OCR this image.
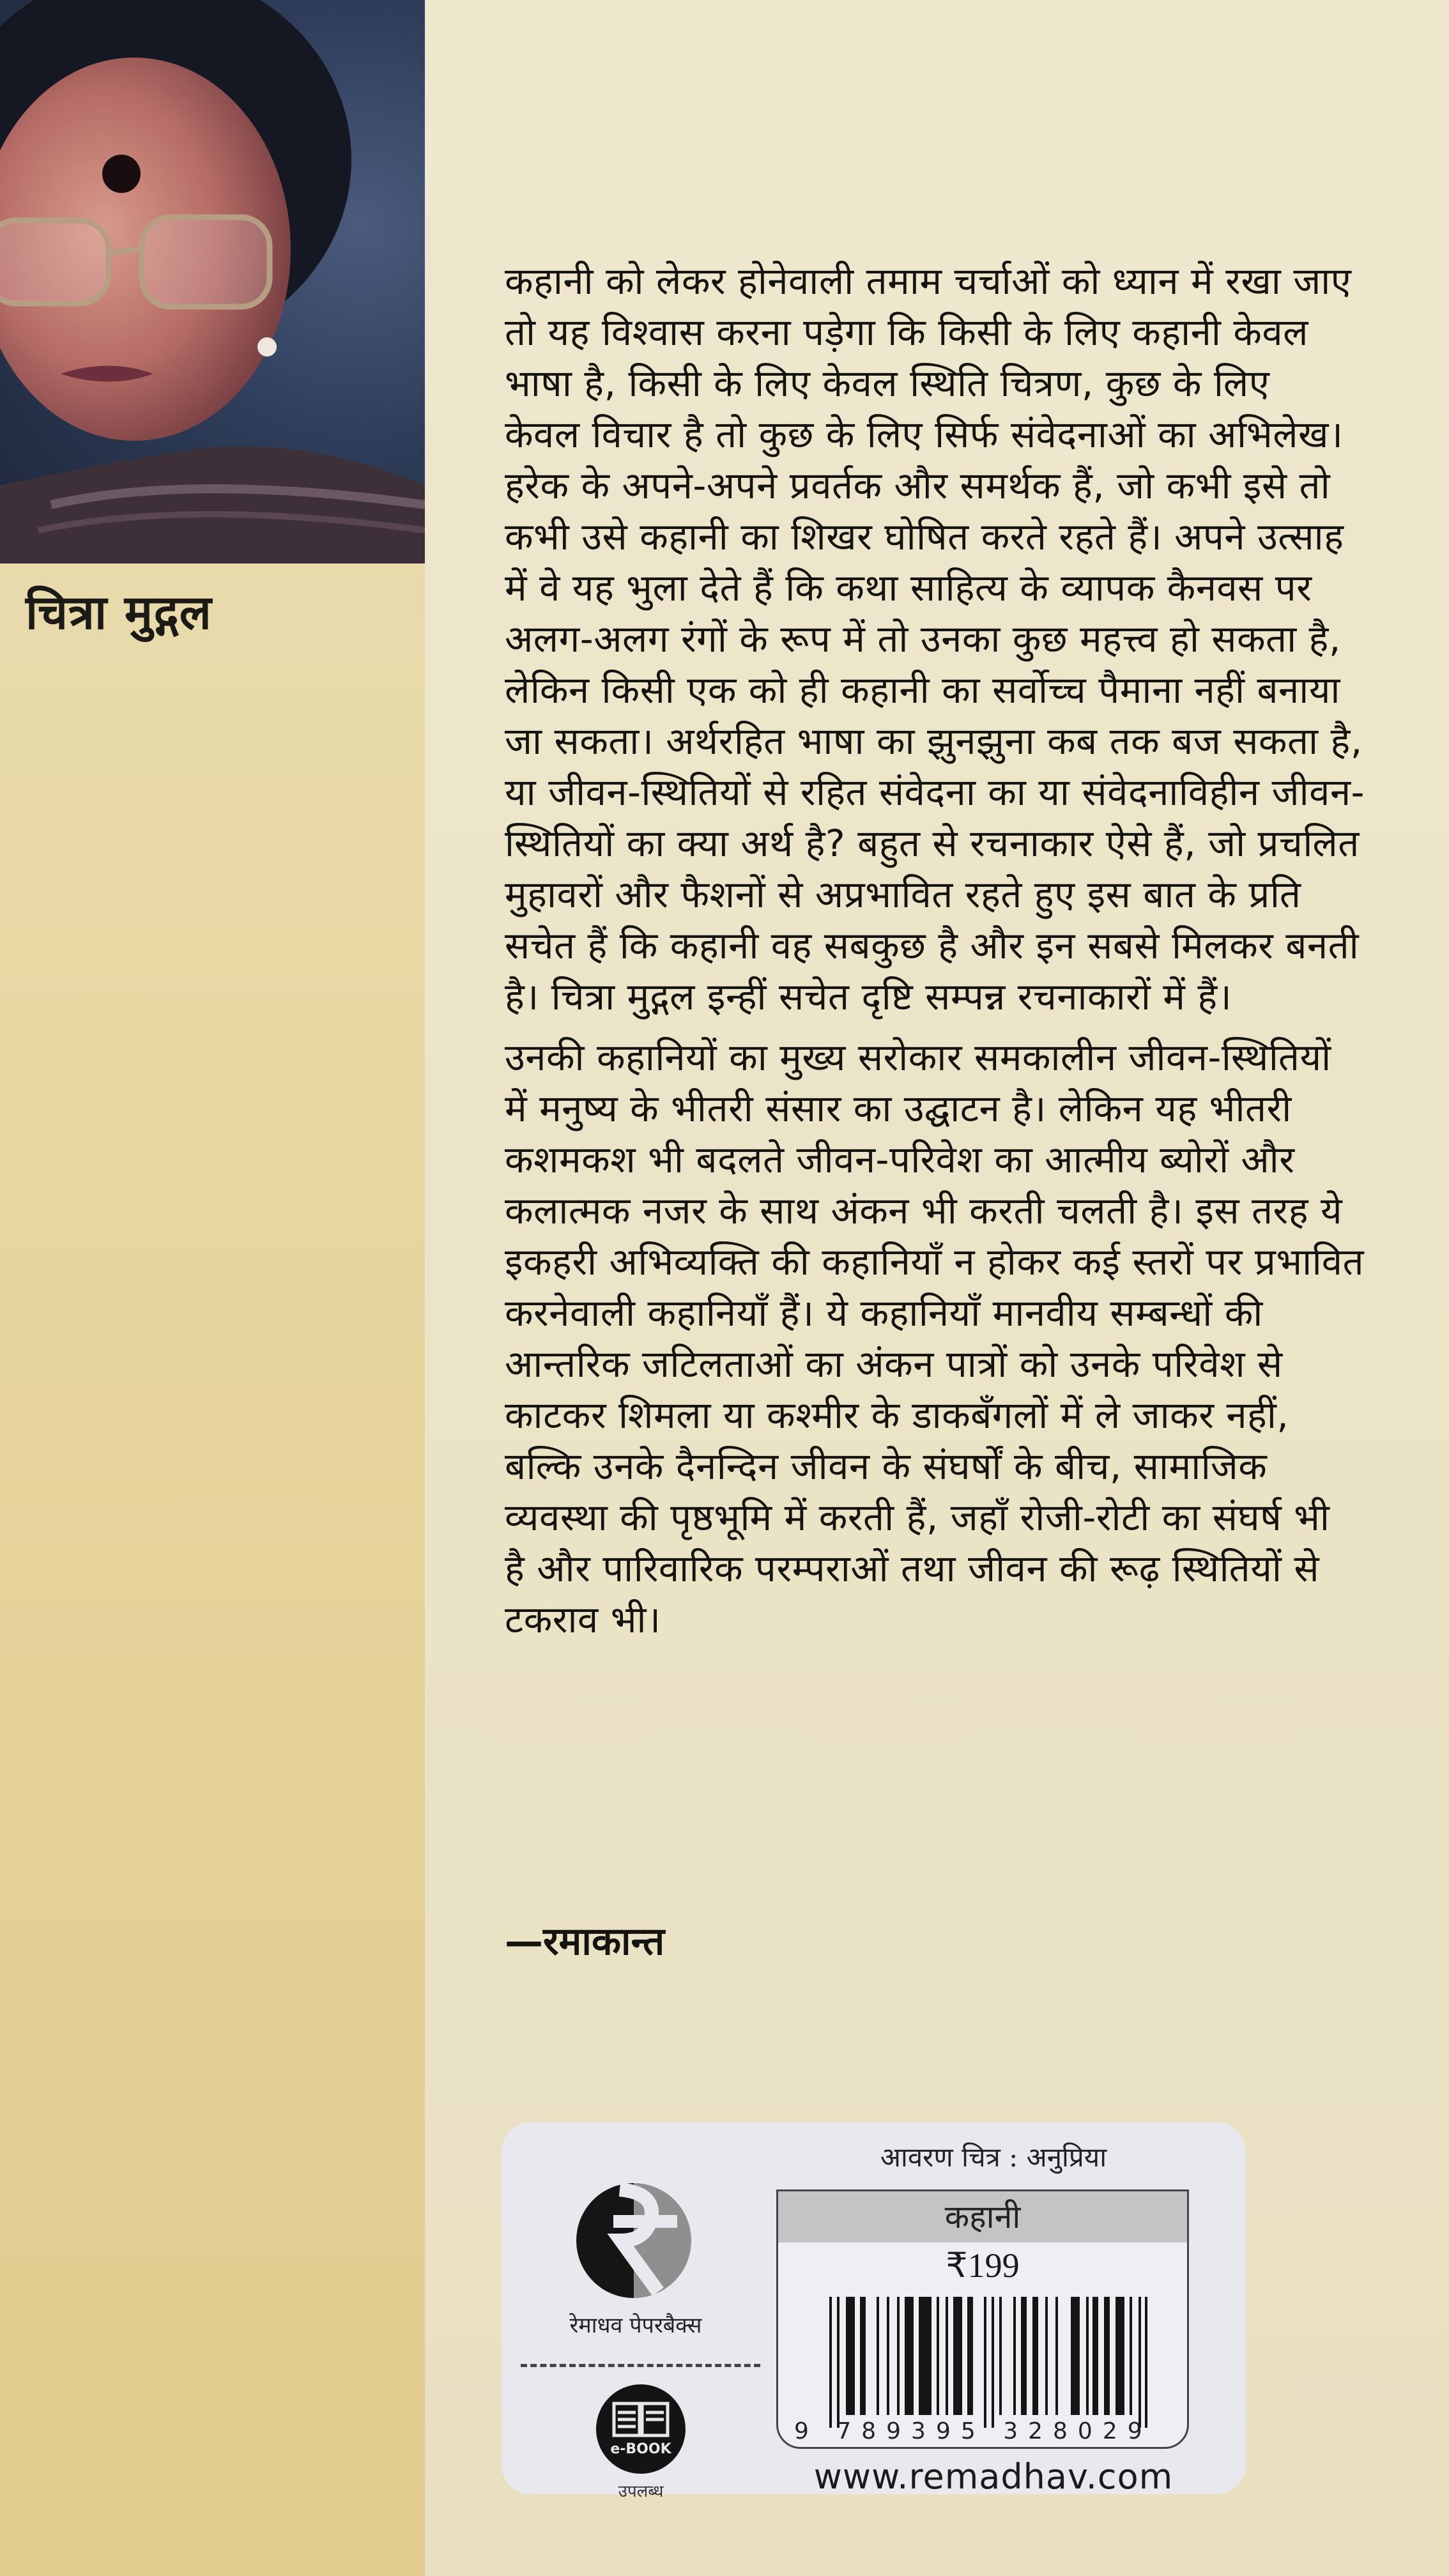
चित्रा मुद्गल
कहानी को लेकर होनेवाली तमाम चर्चाओं को ध्यान में रखा जाए
तो यह विश्वास करना पड़ेगा कि किसी के लिए कहानी केवल
भाषा है, किसी के लिए केवल स्थिति चित्रण, कुछ के लिए
केवल विचार है तो कुछ के लिए सिर्फ संवेदनाओं का अभिलेख।
हरेक के अपने-अपने प्रवर्तक और समर्थक हैं, जो कभी इसे तो
कभी उसे कहानी का शिखर घोषित करते रहते हैं। अपने उत्साह
में वे यह भुला देते हैं कि कथा साहित्य के व्यापक कैनवस पर
अलग-अलग रंगों के रूप में तो उनका कुछ महत्त्व हो सकता है,
लेकिन किसी एक को ही कहानी का सर्वोच्च पैमाना नहीं बनाया
जा सकता। अर्थरहित भाषा का झुनझुना कब तक बज सकता है,
या जीवन-स्थितियों से रहित संवेदना का या संवेदनाविहीन जीवन-
स्थितियों का क्या अर्थ है? बहुत से रचनाकार ऐसे हैं, जो प्रचलित
मुहावरों और फैशनों से अप्रभावित रहते हुए इस बात के प्रति
सचेत हैं कि कहानी वह सबकुछ है और इन सबसे मिलकर बनती
है। चित्रा मुद्गल इन्हीं सचेत दृष्टि सम्पन्न रचनाकारों में हैं।
उनकी कहानियों का मुख्य सरोकार समकालीन जीवन-स्थितियों
में मनुष्य के भीतरी संसार का उद्घाटन है। लेकिन यह भीतरी
कशमकश भी बदलते जीवन-परिवेश का आत्मीय ब्योरों और
कलात्मक नजर के साथ अंकन भी करती चलती है। इस तरह ये
इकहरी अभिव्यक्ति की कहानियाँ न होकर कई स्तरों पर प्रभावित
करनेवाली कहानियाँ हैं। ये कहानियाँ मानवीय सम्बन्धों की
आन्तरिक जटिलताओं का अंकन पात्रों को उनके परिवेश से
काटकर शिमला या कश्मीर के डाकबँगलों में ले जाकर नहीं,
बल्कि उनके दैनन्दिन जीवन के संघर्षों के बीच, सामाजिक
व्यवस्था की पृष्ठभूमि में करती हैं, जहाँ रोजी-रोटी का संघर्ष भी
है और पारिवारिक परम्पराओं तथा जीवन की रूढ़ स्थितियों से
टकराव भी।
—रमाकान्त
रेमाधव पेपरबैक्स
e-BOOK
उपलब्ध
आवरण चित्र : अनुप्रिया
कहानी
₹199
9 789395 328029
www.remadhav.com
